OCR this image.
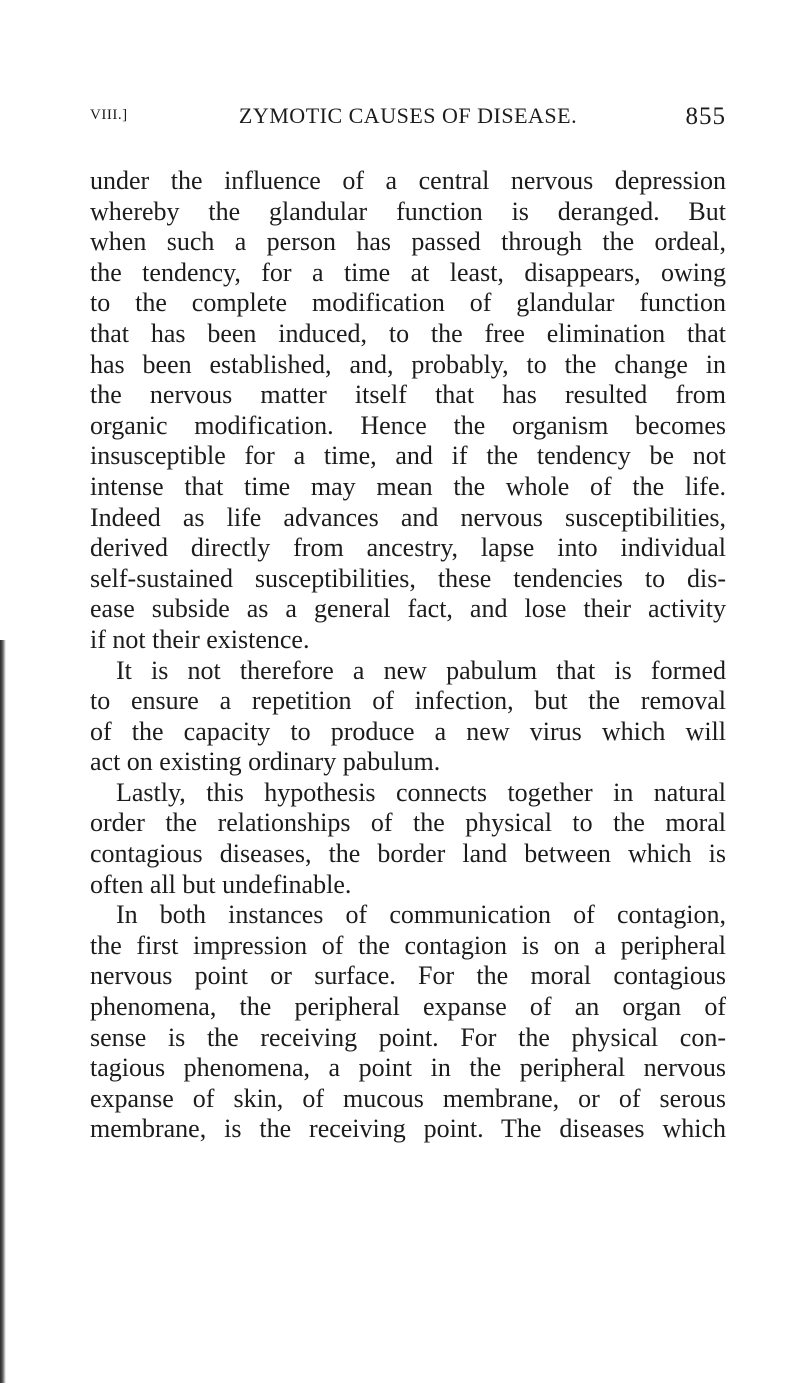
VIII.]	ZYMOTIC CAUSES OF DISEASE.	855
under the influence of a central nervous depression
whereby the glandular function is deranged. But
when such a person has passed through the ordeal,
the tendency, for a time at least, disappears, owing
to the complete modification of glandular function
that has been induced, to the free elimination that
has been established, and, probably, to the change in
the nervous matter itself that has resulted from
organic modification. Hence the organism becomes
insusceptible for a time, and if the tendency be not
intense that time may mean the whole of the life.
Indeed as life advances and nervous susceptibilities,
derived directly from ancestry, lapse into individual
self-sustained susceptibilities, these tendencies to dis-
ease subside as a general fact, and lose their activity
if not their existence.
It is not therefore a new pabulum that is formed
to ensure a repetition of infection, but the removal
of the capacity to produce a new virus which will
act on existing ordinary pabulum.
Lastly, this hypothesis connects together in natural
order the relationships of the physical to the moral
contagious diseases, the border land between which is
often all but undefinable.
In both instances of communication of contagion,
the first impression of the contagion is on a peripheral
nervous point or surface. For the moral contagious
phenomena, the peripheral expanse of an organ of
sense is the receiving point. For the physical con-
tagious phenomena, a point in the peripheral nervous
expanse of skin, of mucous membrane, or of serous
membrane, is the receiving point. The diseases which
